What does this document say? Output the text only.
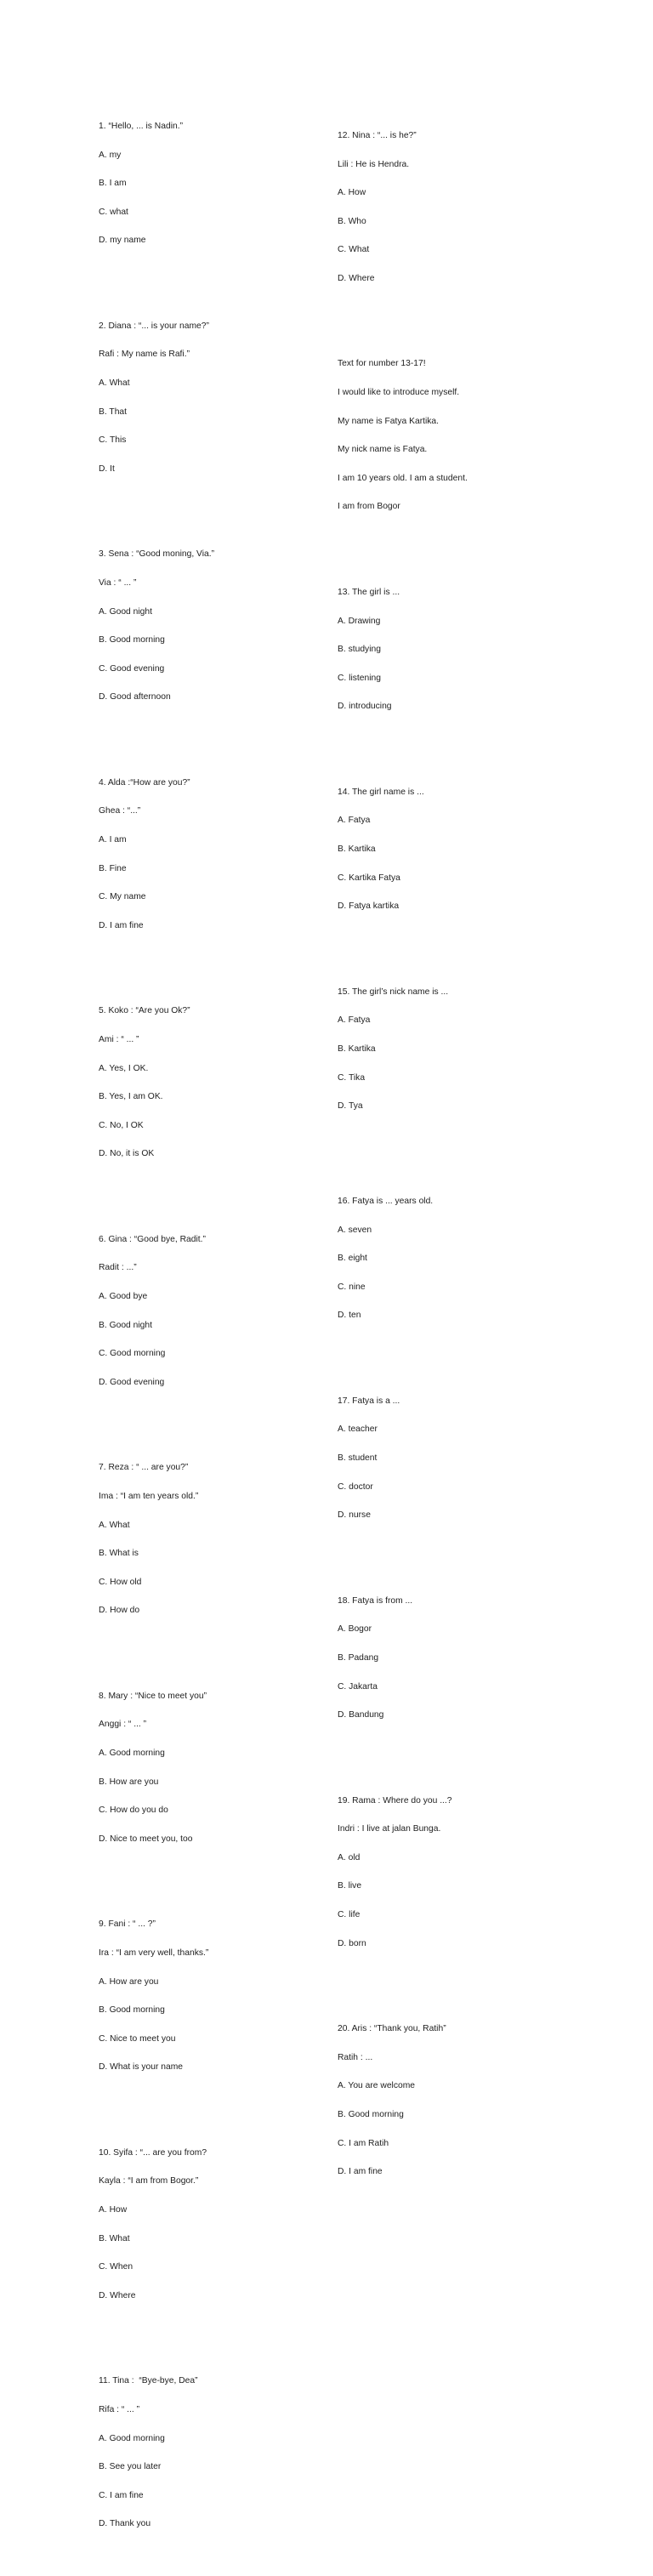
1. “Hello, ... is Nadin.”

A. my

B. I am

C. what

D. my name

2. Diana : “... is your name?”

Rafi : My name is Rafi.”

A. What

B. That

C. This

D. It

3. Sena : “Good moning, Via.”

Via : “ ... ”

A. Good night

B. Good morning

C. Good evening

D. Good afternoon

4. Alda :“How are you?”

Ghea : “...”

A. I am

B. Fine

C. My name

D. I am fine

5. Koko : “Are you Ok?”

Ami : “ ... ”

A. Yes, I OK.

B. Yes, I am OK.

C. No, I OK

D. No, it is OK

6. Gina : “Good bye, Radit.”

Radit : ...”

A. Good bye

B. Good night

C. Good morning

D. Good evening

7. Reza : “ ... are you?”

Ima : “I am ten years old.”

A. What

B. What is

C. How old

D. How do

8. Mary : “Nice to meet you”

Anggi : “ ... ”

A. Good morning

B. How are you

C. How do you do

D. Nice to meet you, too

9. Fani : “ ... ?”

Ira : “I am very well, thanks.”

A. How are you

B. Good morning

C. Nice to meet you

D. What is your name

10. Syifa : “... are you from?

Kayla : “I am from Bogor.”

A. How

B. What

C. When

D. Where

11. Tina :  “Bye-bye, Dea”

Rifa : “ ... ”

A. Good morning

B. See you later

C. I am fine

D. Thank you

12. Nina : “... is he?”

Lili : He is Hendra.

A. How

B. Who

C. What

D. Where

Text for number 13-17!

I would like to introduce myself.

My name is Fatya Kartika.

My nick name is Fatya.

I am 10 years old. I am a student.

I am from Bogor

13. The girl is ...

A. Drawing

B. studying

C. listening

D. introducing

14. The girl name is ...

A. Fatya

B. Kartika

C. Kartika Fatya

D. Fatya kartika

15. The girl’s nick name is ...

A. Fatya

B. Kartika

C. Tika

D. Tya

16. Fatya is ... years old.

A. seven

B. eight

C. nine

D. ten

17. Fatya is a ...

A. teacher

B. student

C. doctor

D. nurse

18. Fatya is from ...

A. Bogor

B. Padang

C. Jakarta

D. Bandung

19. Rama : Where do you ...?

Indri : I live at jalan Bunga.

A. old

B. live

C. life

D. born

20. Aris : “Thank you, Ratih”

Ratih : ...

A. You are welcome

B. Good morning

C. I am Ratih

D. I am fine
